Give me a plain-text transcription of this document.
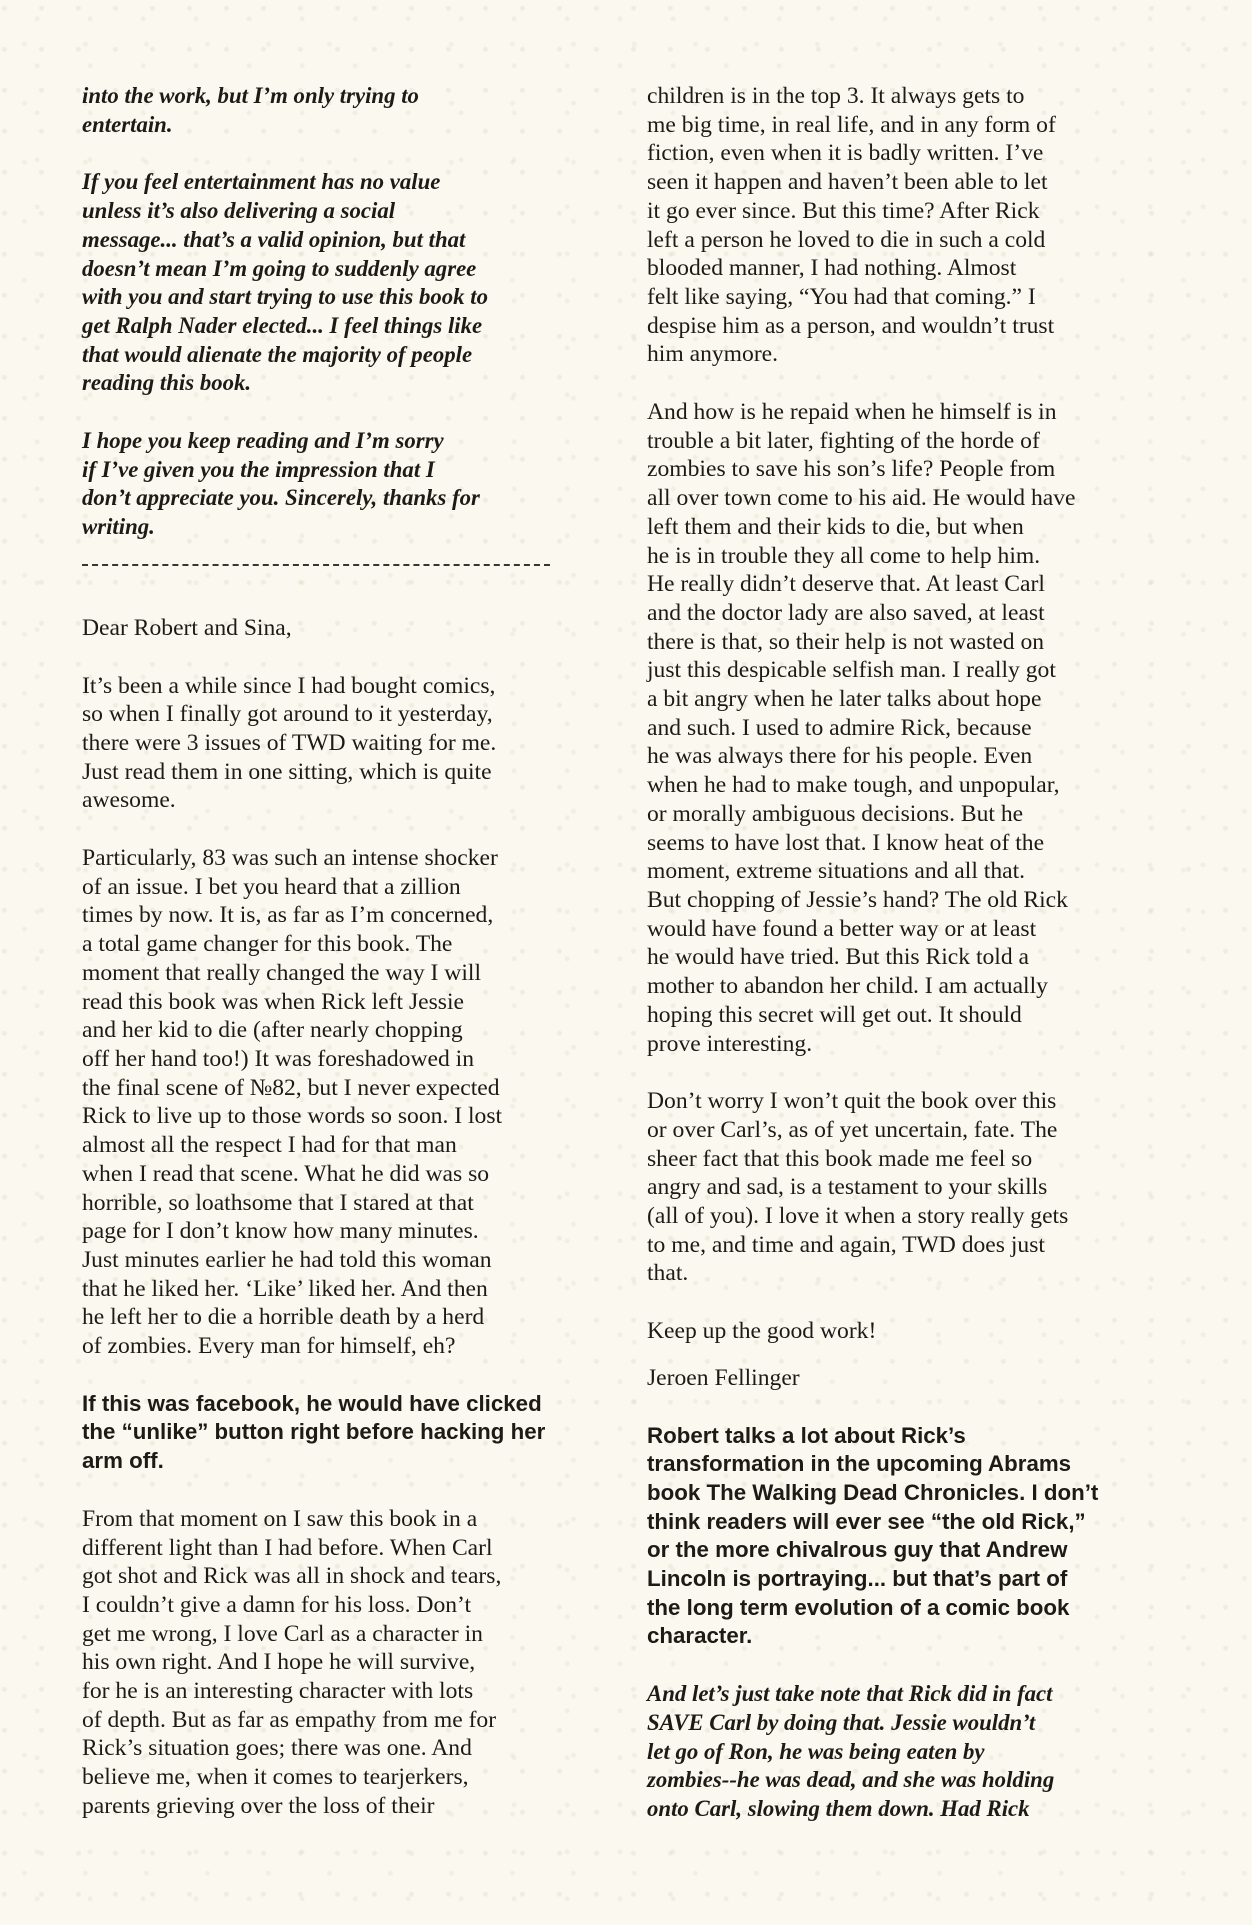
into the work, but I’m only trying to
entertain.

If you feel entertainment has no value
unless it’s also delivering a social
message... that’s a valid opinion, but that
doesn’t mean I’m going to suddenly agree
with you and start trying to use this book to
get Ralph Nader elected... I feel things like
that would alienate the majority of people
reading this book.

I hope you keep reading and I’m sorry
if I’ve given you the impression that I
don’t appreciate you. Sincerely, thanks for
writing.

Dear Robert and Sina,

It’s been a while since I had bought comics,
so when I finally got around to it yesterday,
there were 3 issues of TWD waiting for me.
Just read them in one sitting, which is quite
awesome.

Particularly, 83 was such an intense shocker
of an issue. I bet you heard that a zillion
times by now. It is, as far as I’m concerned,
a total game changer for this book. The
moment that really changed the way I will
read this book was when Rick left Jessie
and her kid to die (after nearly chopping
off her hand too!) It was foreshadowed in
the final scene of №82, but I never expected
Rick to live up to those words so soon. I lost
almost all the respect I had for that man
when I read that scene. What he did was so
horrible, so loathsome that I stared at that
page for I don’t know how many minutes.
Just minutes earlier he had told this woman
that he liked her. ‘Like’ liked her. And then
he left her to die a horrible death by a herd
of zombies. Every man for himself, eh?

If this was facebook, he would have clicked
the “unlike” button right before hacking her
arm off.

From that moment on I saw this book in a
different light than I had before. When Carl
got shot and Rick was all in shock and tears,
I couldn’t give a damn for his loss. Don’t
get me wrong, I love Carl as a character in
his own right. And I hope he will survive,
for he is an interesting character with lots
of depth. But as far as empathy from me for
Rick’s situation goes; there was one. And
believe me, when it comes to tearjerkers,
parents grieving over the loss of their

children is in the top 3. It always gets to
me big time, in real life, and in any form of
fiction, even when it is badly written. I’ve
seen it happen and haven’t been able to let
it go ever since. But this time? After Rick
left a person he loved to die in such a cold
blooded manner, I had nothing. Almost
felt like saying, “You had that coming.” I
despise him as a person, and wouldn’t trust
him anymore.

And how is he repaid when he himself is in
trouble a bit later, fighting of the horde of
zombies to save his son’s life? People from
all over town come to his aid. He would have
left them and their kids to die, but when
he is in trouble they all come to help him.
He really didn’t deserve that. At least Carl
and the doctor lady are also saved, at least
there is that, so their help is not wasted on
just this despicable selfish man. I really got
a bit angry when he later talks about hope
and such. I used to admire Rick, because
he was always there for his people. Even
when he had to make tough, and unpopular,
or morally ambiguous decisions. But he
seems to have lost that. I know heat of the
moment, extreme situations and all that.
But chopping of Jessie’s hand? The old Rick
would have found a better way or at least
he would have tried. But this Rick told a
mother to abandon her child. I am actually
hoping this secret will get out. It should
prove interesting.

Don’t worry I won’t quit the book over this
or over Carl’s, as of yet uncertain, fate. The
sheer fact that this book made me feel so
angry and sad, is a testament to your skills
(all of you). I love it when a story really gets
to me, and time and again, TWD does just
that.

Keep up the good work!

Jeroen Fellinger

Robert talks a lot about Rick’s
transformation in the upcoming Abrams
book The Walking Dead Chronicles. I don’t
think readers will ever see “the old Rick,”
or the more chivalrous guy that Andrew
Lincoln is portraying... but that’s part of
the long term evolution of a comic book
character.

And let’s just take note that Rick did in fact
SAVE Carl by doing that. Jessie wouldn’t
let go of Ron, he was being eaten by
zombies--he was dead, and she was holding
onto Carl, slowing them down. Had Rick
